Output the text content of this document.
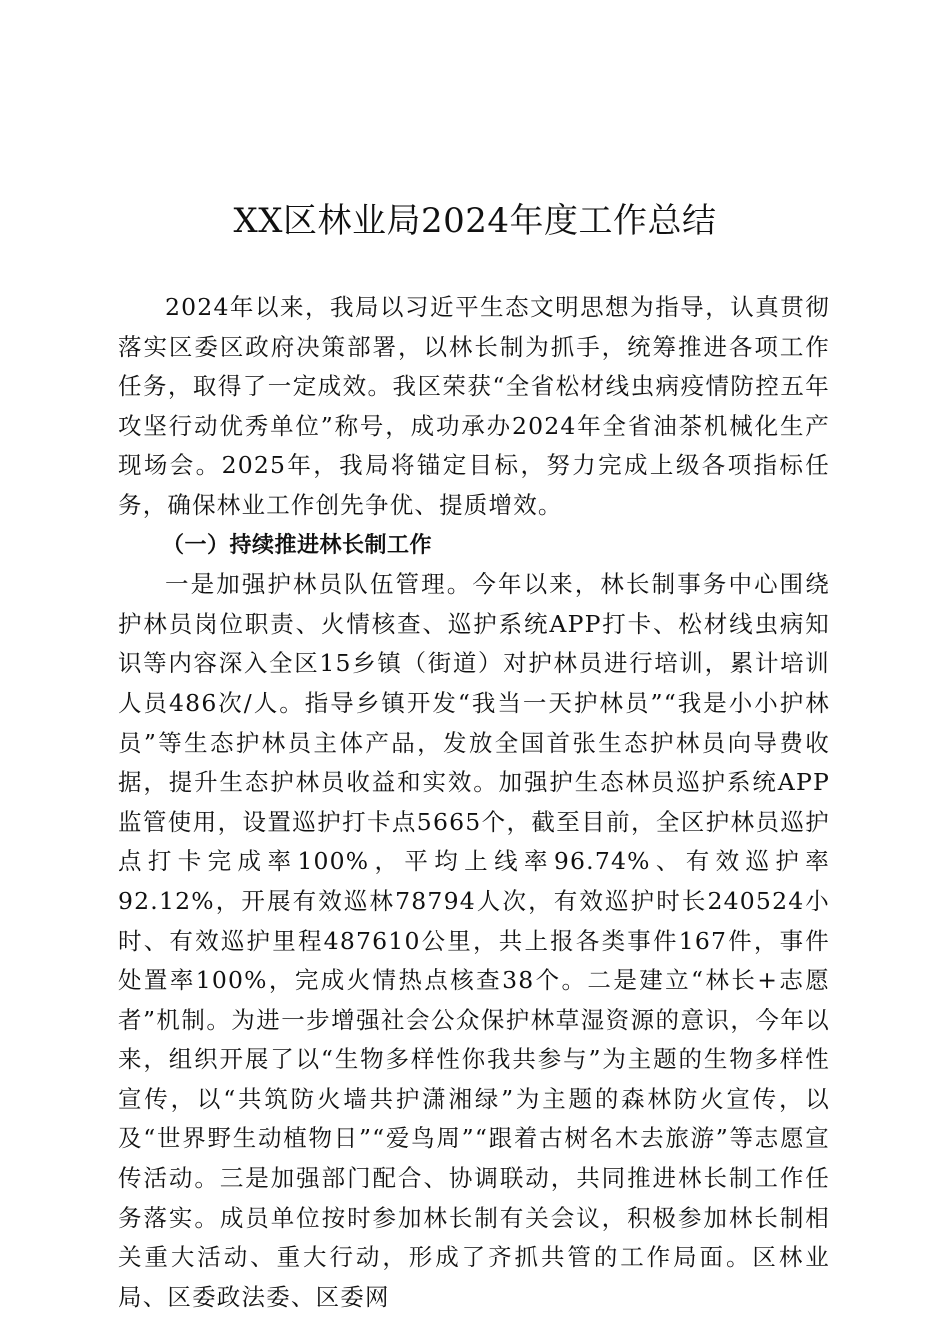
XX区林业局2024年度工作总结

2024年以来，我局以习近平生态文明思想为指导，认真贯彻落实区委区政府决策部署，以林长制为抓手，统筹推进各项工作任务，取得了一定成效。我区荣获“全省松材线虫病疫情防控五年攻坚行动优秀单位”称号，成功承办2024年全省油茶机械化生产现场会。2025年，我局将锚定目标，努力完成上级各项指标任务，确保林业工作创先争优、提质增效。

（一）持续推进林长制工作

一是加强护林员队伍管理。今年以来，林长制事务中心围绕护林员岗位职责、火情核查、巡护系统APP打卡、松材线虫病知识等内容深入全区15乡镇（街道）对护林员进行培训，累计培训人员486次/人。指导乡镇开发“我当一天护林员”“我是小小护林员”等生态护林员主体产品，发放全国首张生态护林员向导费收据，提升生态护林员收益和实效。加强护生态林员巡护系统APP监管使用，设置巡护打卡点5665个，截至目前，全区护林员巡护点打卡完成率100%，平均上线率96.74%、有效巡护率92.12%，开展有效巡林78794人次，有效巡护时长240524小时、有效巡护里程487610公里，共上报各类事件167件，事件处置率100%，完成火情热点核查38个。二是建立“林长+志愿者”机制。为进一步增强社会公众保护林草湿资源的意识，今年以来，组织开展了以“生物多样性你我共参与”为主题的生物多样性宣传，以“共筑防火墙共护潇湘绿”为主题的森林防火宣传，以及“世界野生动植物日”“爱鸟周”“跟着古树名木去旅游”等志愿宣传活动。三是加强部门配合、协调联动，共同推进林长制工作任务落实。成员单位按时参加林长制有关会议，积极参加林长制相关重大活动、重大行动，形成了齐抓共管的工作局面。区林业局、区委政法委、区委网
